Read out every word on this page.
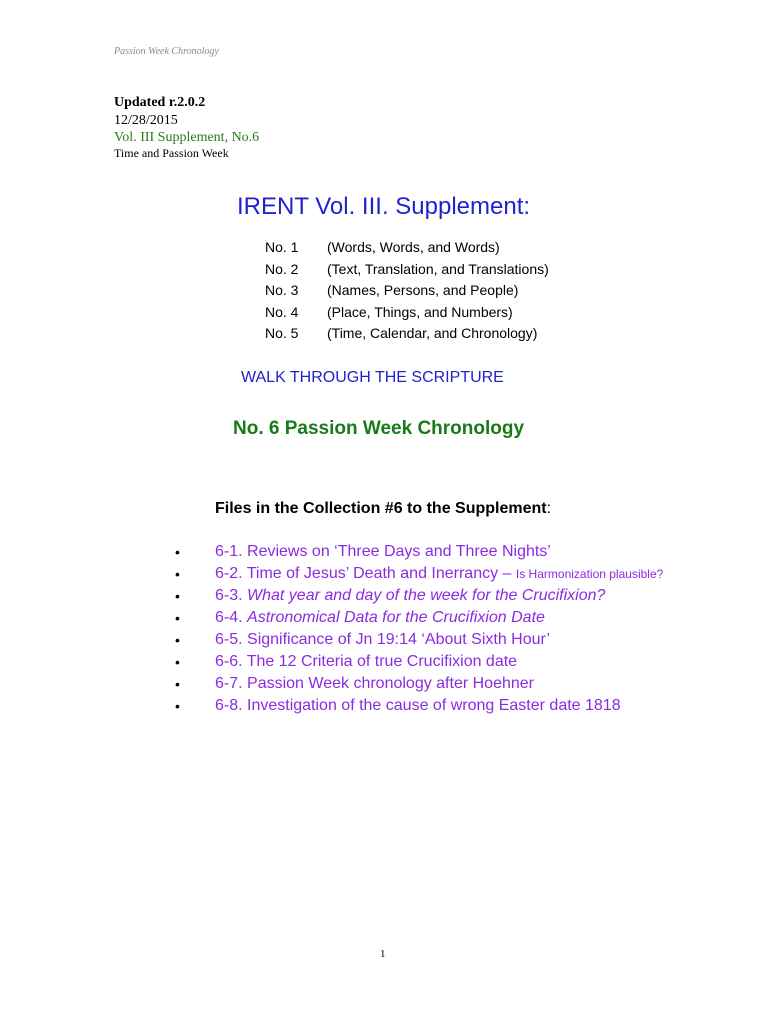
Passion Week Chronology
Updated r.2.0.2
12/28/2015
Vol. III Supplement, No.6
Time and Passion Week
IRENT Vol. III. Supplement:
No. 1 (Words, Words, and Words)
No. 2 (Text, Translation, and Translations)
No. 3 (Names, Persons, and People)
No. 4 (Place, Things, and Numbers)
No. 5 (Time, Calendar, and Chronology)
WALK THROUGH THE SCRIPTURE
No. 6 Passion Week Chronology
Files in the Collection #6 to the Supplement:
• 6-1. Reviews on ‘Three Days and Three Nights’
• 6-2. Time of Jesus’ Death and Inerrancy – Is Harmonization plausible?
• 6-3. What year and day of the week for the Crucifixion?
• 6-4. Astronomical Data for the Crucifixion Date
• 6-5. Significance of Jn 19:14 ‘About Sixth Hour’
• 6-6. The 12 Criteria of true Crucifixion date
• 6-7. Passion Week chronology after Hoehner
• 6-8. Investigation of the cause of wrong Easter date 1818
1
